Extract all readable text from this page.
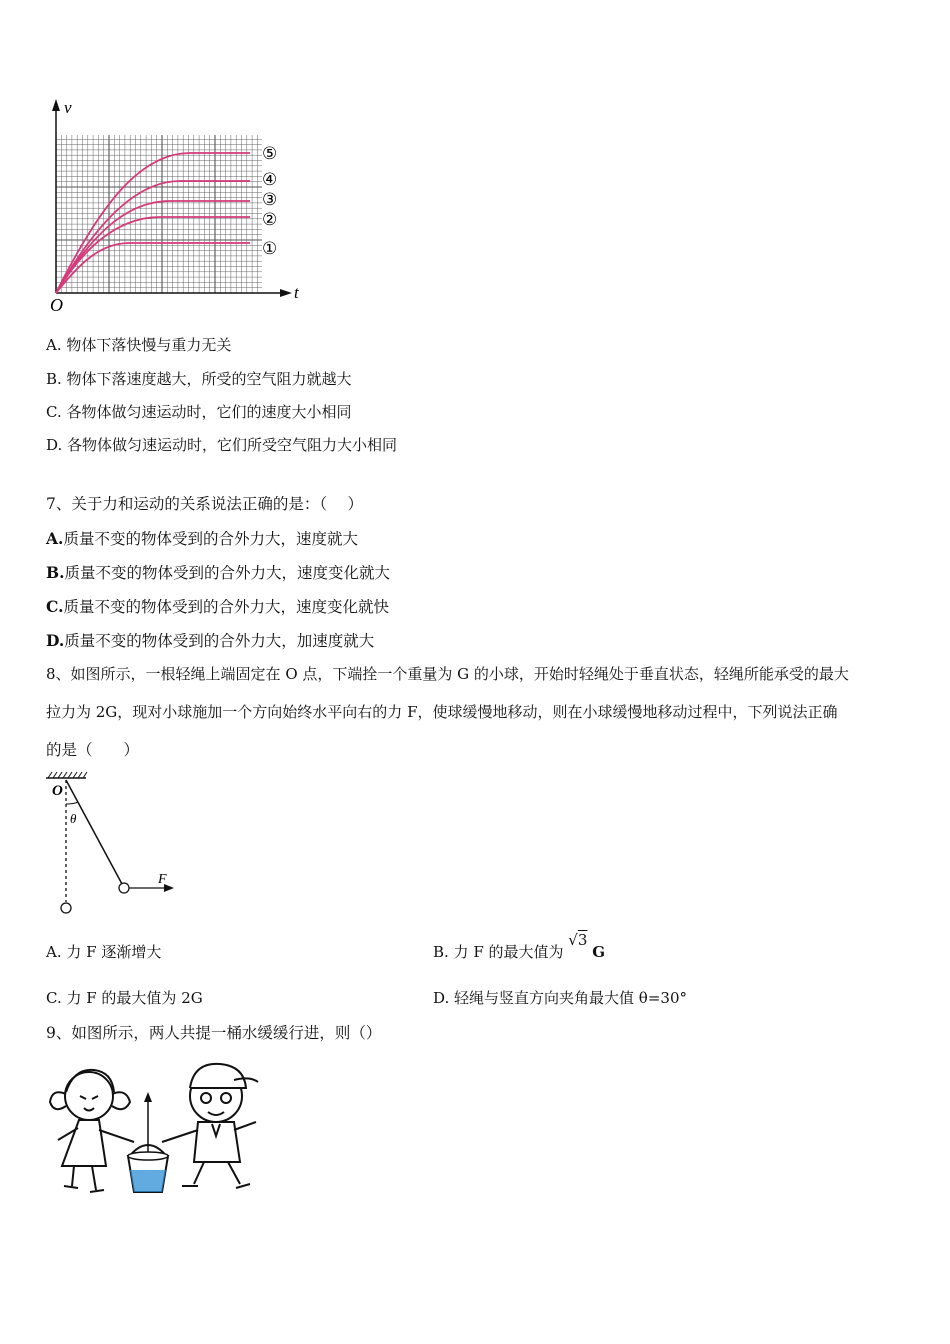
v
t
O
⑤
④
③
②
①
A. 物体下落快慢与重力无关
B. 物体下落速度越大，所受的空气阻力就越大
C. 各物体做匀速运动时，它们的速度大小相同
D. 各物体做匀速运动时，它们所受空气阻力大小相同
7、关于力和运动的关系说法正确的是：（　 ）
A.质量不变的物体受到的合外力大，速度就大
B.质量不变的物体受到的合外力大，速度变化就大
C.质量不变的物体受到的合外力大，速度变化就快
D.质量不变的物体受到的合外力大，加速度就大
8、如图所示，一根轻绳上端固定在 O 点，下端拴一个重量为 G 的小球，开始时轻绳处于垂直状态，轻绳所能承受的最大
拉力为 2G，现对小球施加一个方向始终水平向右的力 F，使球缓慢地移动，则在小球缓慢地移动过程中，下列说法正确
的是（　　）
O
θ
F
A. 力 F 逐渐增大	B. 力 F 的最大值为 √3 G
C. 力 F 的最大值为 2G	D. 轻绳与竖直方向夹角最大值 θ=30°
9、如图所示，两人共提一桶水缓缓行进，则（）
